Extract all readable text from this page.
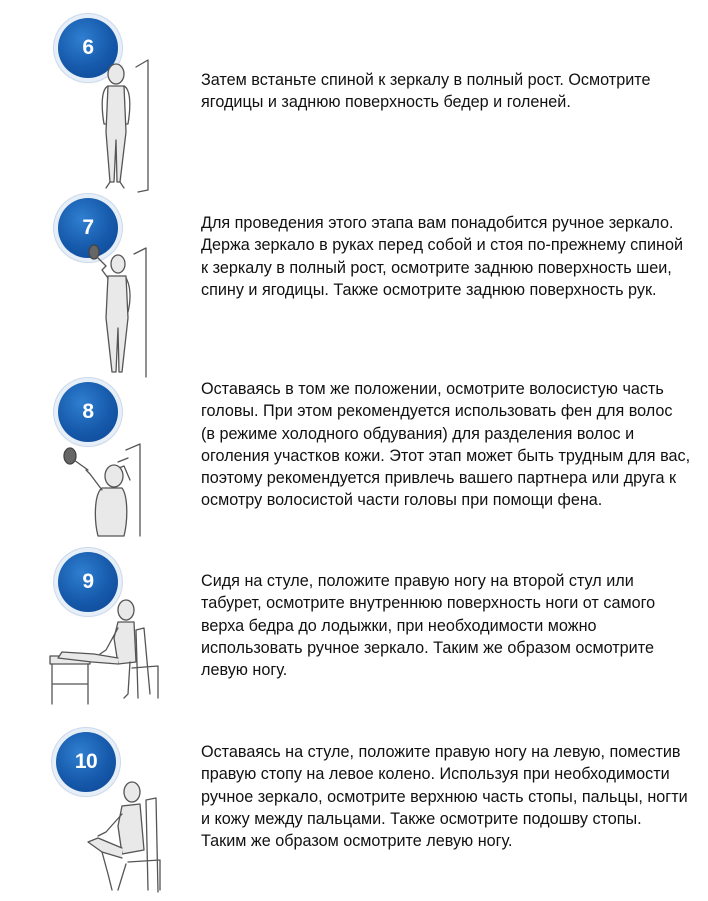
6

Затем встаньте спиной к зеркалу в полный рост. Осмотрите ягодицы и заднюю поверхность бедер и голеней.

7	Для проведения этого этапа вам понадобится ручное зеркало. Держа зеркало в руках перед собой и стоя по-прежнему спиной к зеркалу в полный рост, осмотрите заднюю поверхность шеи, спину и ягодицы. Также осмотрите заднюю поверхность рук.

8

Оставаясь в том же положении, осмотрите волосистую часть головы. При этом рекомендуется использовать фен для волос (в режиме холодного обдувания) для разделения волос и оголения участков кожи. Этот этап может быть трудным для вас, поэтому рекомендуется привлечь вашего партнера или друга к осмотру волосистой части головы при помощи фена.

9	Сидя на стуле, положите правую ногу на второй стул или табурет, осмотрите внутреннюю поверхность ноги от самого верха бедра до лодыжки, при необходимости можно использовать ручное зеркало. Таким же образом осмотрите левую ногу.

10	Оставаясь на стуле, положите правую ногу на левую, поместив правую стопу на левое колено. Используя при необходимости ручное зеркало, осмотрите верхнюю часть стопы, пальцы, ногти и кожу между пальцами. Также осмотрите подошву стопы. Таким же образом осмотрите левую ногу.
